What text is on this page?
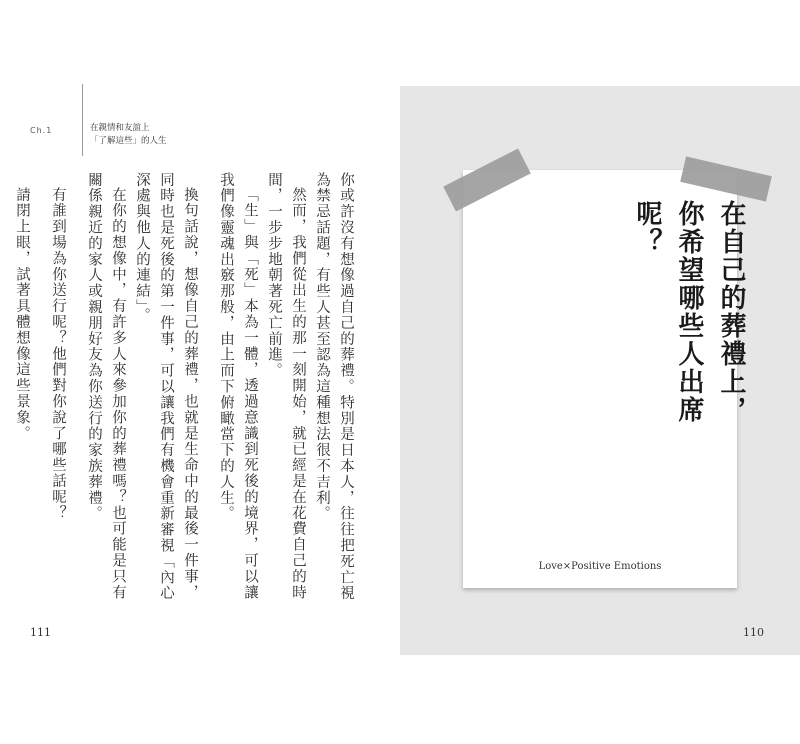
Ch.1	在親情和友誼上
「了解這些」的人生

你或許沒有想像過自己的葬禮。特別是日本人，往往把死亡視為禁忌話題，有些人甚至認為這種想法很不吉利。

然而，我們從出生的那一刻開始，就已經是在花費自己的時間，一步步地朝著死亡前進。

「生」與「死」本為一體，透過意識到死後的境界，可以讓我們像靈魂出竅那般，由上而下俯瞰當下的人生。

換句話說，想像自己的葬禮，也就是生命中的最後一件事，同時也是死後的第一件事，可以讓我們有機會重新審視「內心深處與他人的連結」。

在你的想像中，有許多人來參加你的葬禮嗎？也可能是只有關係親近的家人或親朋好友為你送行的家族葬禮。

有誰到場為你送行呢？他們對你說了哪些話呢？

請閉上眼，試著具體想像這些景象。

111
在自己的葬禮上，
你希望哪些人出席呢？
Love×Positive Emotions
110
